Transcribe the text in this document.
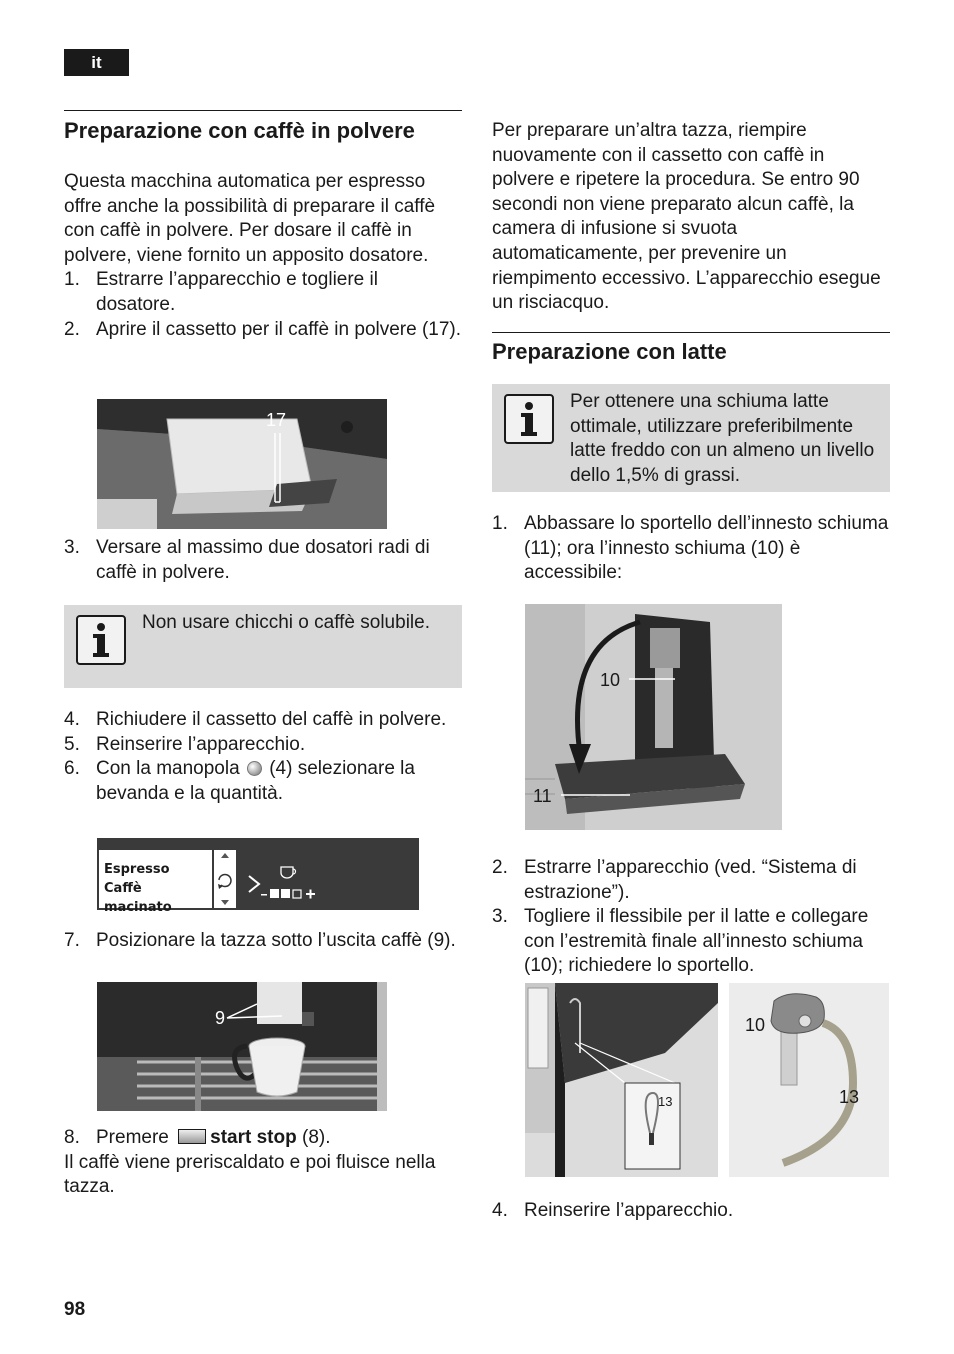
it
Preparazione con caffè in polvere

Questa macchina automatica per espresso offre anche la possibilità di preparare il caffè con caffè in polvere. Per dosare il caffè in polvere, viene fornito un apposito dosatore.

1. Estrarre l’apparecchio e togliere il dosatore.
2. Aprire il cassetto per il caffè in polvere (17).
17
3. Versare al massimo due dosatori radi di caffè in polvere.

Non usare chicchi o caffè solubile.

4. Richiudere il cassetto del caffè in polvere.
5. Reinserire l’apparecchio.
6. Con la manopola (4) selezionare la bevanda e la quantità.
Espresso
Caffè macinato
7. Posizionare la tazza sotto l’uscita caffè (9).
9
8. Premere start stop (8).

Il caffè viene preriscaldato e poi fluisce nella tazza.

Per preparare un’altra tazza, riempire nuovamente con il cassetto con caffè in polvere e ripetere la procedura. Se entro 90 secondi non viene preparato alcun caffè, la camera di infusione si svuota automaticamente, per prevenire un riempimento eccessivo. L’apparecchio esegue un risciacquo.

Preparazione con latte

Per ottenere una schiuma latte ottimale, utilizzare preferibilmente latte freddo con un almeno un livello dello 1,5% di grassi.

1. Abbassare lo sportello dell’innesto schiuma (11); ora l’innesto schiuma (10) è accessibile:
10
11
2. Estrarre l’apparecchio (ved. “Sistema di estrazione”).
3. Togliere il flessibile per il latte e collegare con l’estremità finale all’innesto schiuma (10); richiedere lo sportello.
13
10
13
4. Reinserire l’apparecchio.
98
